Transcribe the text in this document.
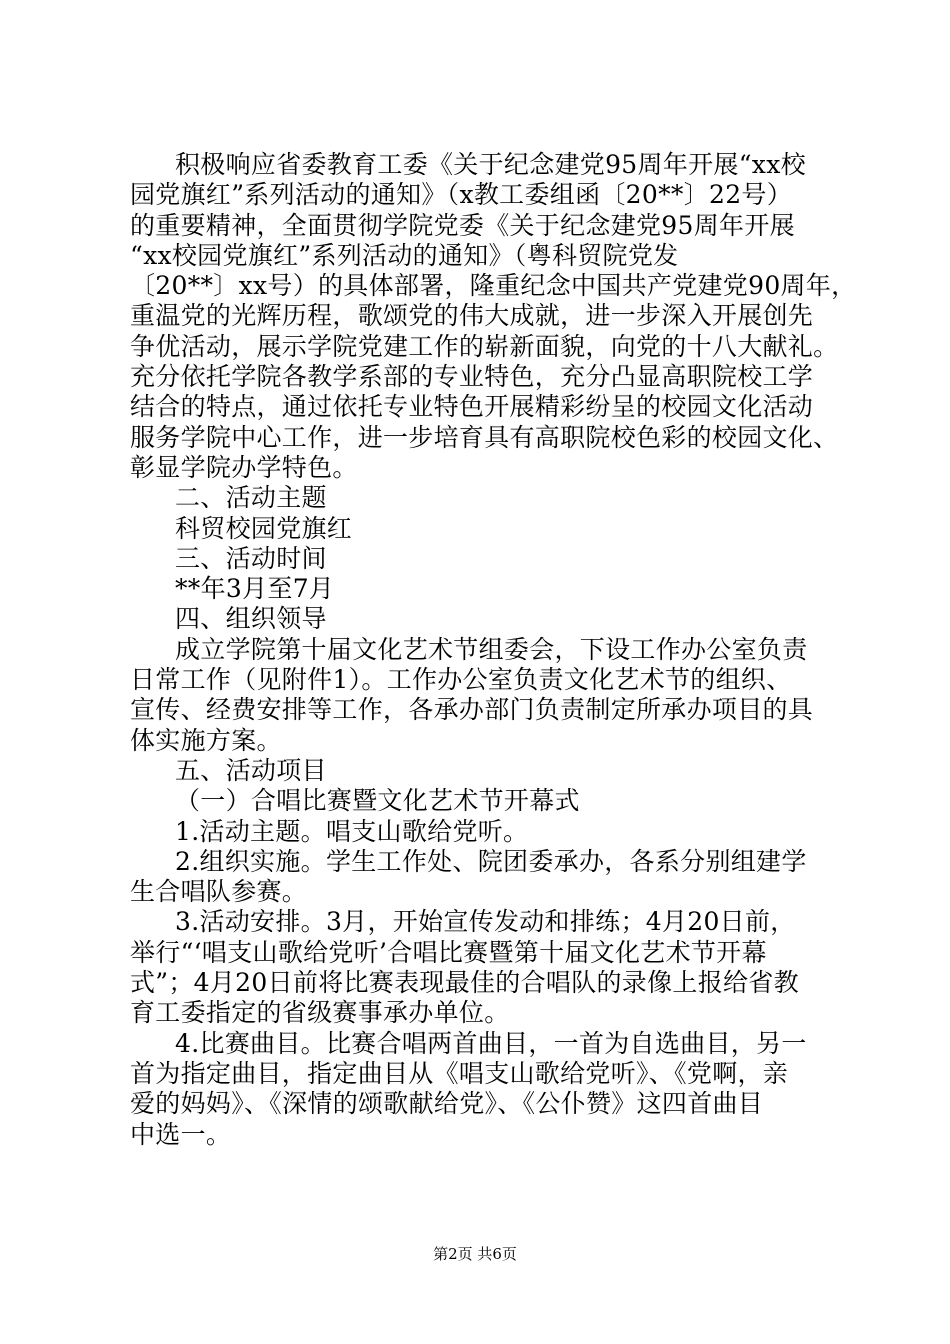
积极响应省委教育工委《关于纪念建党95周年开展“xx校
园党旗红”系列活动的通知》（x教工委组函〔20**〕22号）
的重要精神，全面贯彻学院党委《关于纪念建党95周年开展
“xx校园党旗红”系列活动的通知》（粤科贸院党发
〔20**〕xx号）的具体部署，隆重纪念中国共产党建党90周年，
重温党的光辉历程，歌颂党的伟大成就，进一步深入开展创先
争优活动，展示学院党建工作的崭新面貌，向党的十八大献礼。
充分依托学院各教学系部的专业特色，充分凸显高职院校工学
结合的特点，通过依托专业特色开展精彩纷呈的校园文化活动
服务学院中心工作，进一步培育具有高职院校色彩的校园文化、
彰显学院办学特色。
二、活动主题
科贸校园党旗红
三、活动时间
**年3月至7月
四、组织领导
成立学院第十届文化艺术节组委会，下设工作办公室负责
日常工作（见附件1）。工作办公室负责文化艺术节的组织、
宣传、经费安排等工作，各承办部门负责制定所承办项目的具
体实施方案。
五、活动项目
（一）合唱比赛暨文化艺术节开幕式
1.活动主题。唱支山歌给党听。
2.组织实施。学生工作处、院团委承办，各系分别组建学
生合唱队参赛。
3.活动安排。3月，开始宣传发动和排练；4月20日前，
举行“‘唱支山歌给党听’合唱比赛暨第十届文化艺术节开幕
式”；4月20日前将比赛表现最佳的合唱队的录像上报给省教
育工委指定的省级赛事承办单位。
4.比赛曲目。比赛合唱两首曲目，一首为自选曲目，另一
首为指定曲目，指定曲目从《唱支山歌给党听》、《党啊，亲
爱的妈妈》、《深情的颂歌献给党》、《公仆赞》这四首曲目
中选一。
第2页 共6页
